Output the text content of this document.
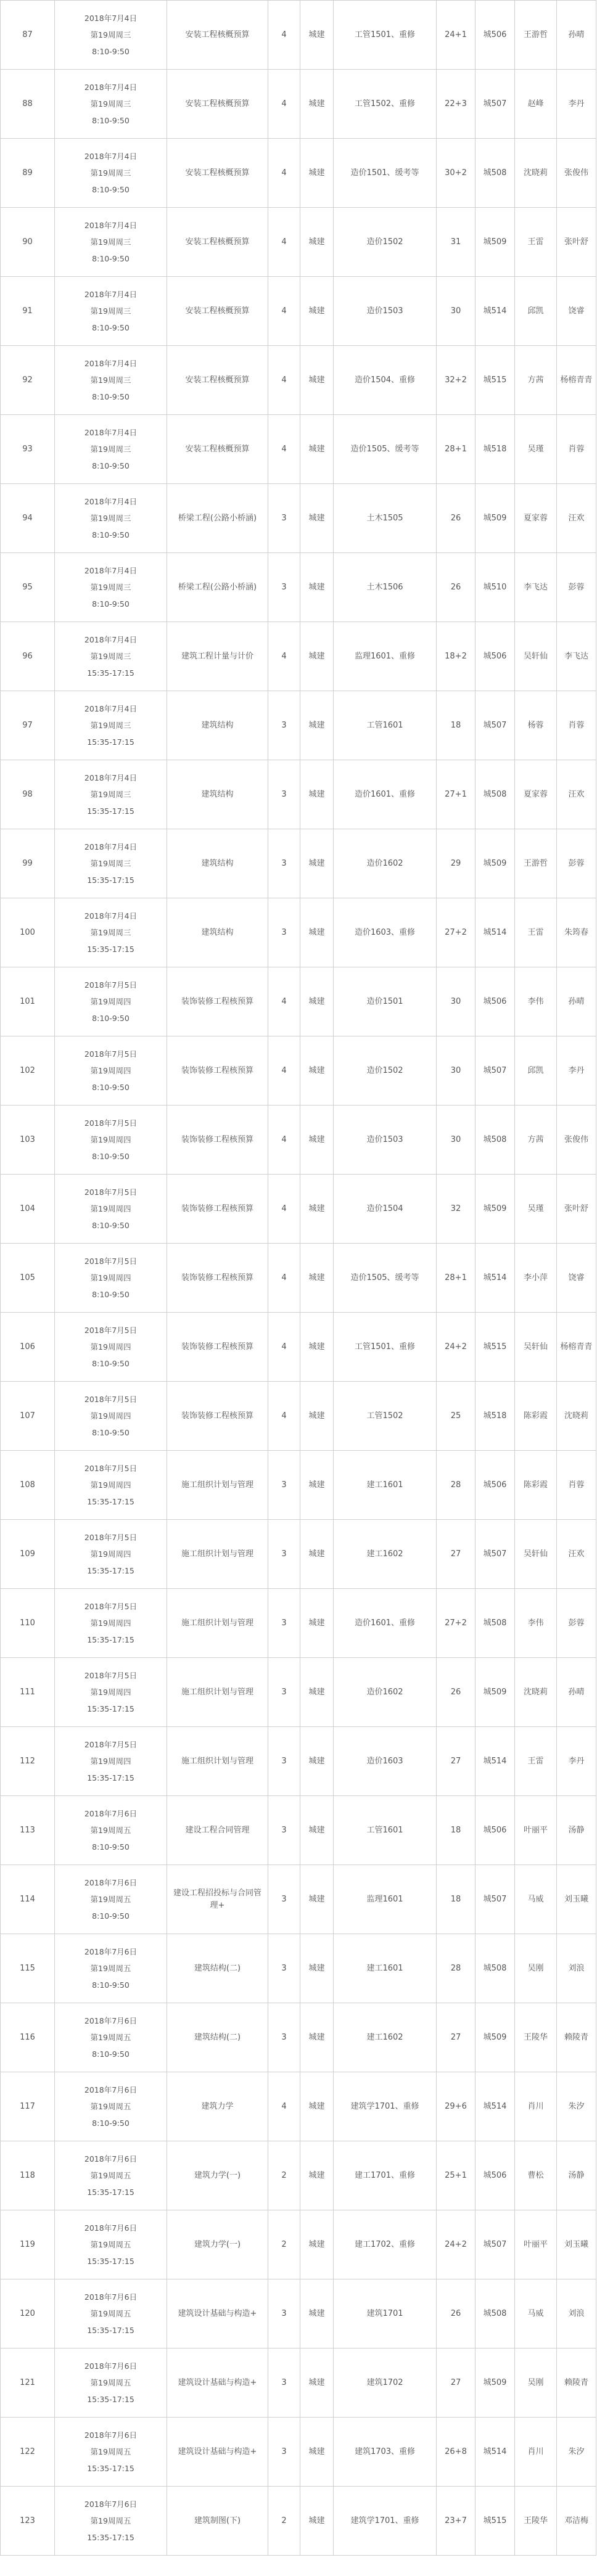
87	2018年7月4日
第19周周三
8:10-9:50	安装工程核概预算	4	城建	工管1501、重修	24+1	城506	王游哲	孙晴
88	2018年7月4日
第19周周三
8:10-9:50	安装工程核概预算	4	城建	工管1502、重修	22+3	城507	赵峰	李丹
89	2018年7月4日
第19周周三
8:10-9:50	安装工程核概预算	4	城建	造价1501、缓考等	30+2	城508	沈晓莉	张俊伟
90	2018年7月4日
第19周周三
8:10-9:50	安装工程核概预算	4	城建	造价1502	31	城509	王雷	张叶舒
91	2018年7月4日
第19周周三
8:10-9:50	安装工程核概预算	4	城建	造价1503	30	城514	邱凯	饶睿
92	2018年7月4日
第19周周三
8:10-9:50	安装工程核概预算	4	城建	造价1504、重修	32+2	城515	方茜	杨榕青青
93	2018年7月4日
第19周周三
8:10-9:50	安装工程核概预算	4	城建	造价1505、缓考等	28+1	城518	吴瑾	肖蓉
94	2018年7月4日
第19周周三
8:10-9:50	桥梁工程(公路小桥涵)	3	城建	土木1505	26	城509	夏家蓉	汪欢
95	2018年7月4日
第19周周三
8:10-9:50	桥梁工程(公路小桥涵)	3	城建	土木1506	26	城510	李飞达	彭蓉
96	2018年7月4日
第19周周三
15:35-17:15	建筑工程计量与计价	4	城建	监理1601、重修	18+2	城506	吴轩仙	李飞达
97	2018年7月4日
第19周周三
15:35-17:15	建筑结构	3	城建	工管1601	18	城507	杨蓉	肖蓉
98	2018年7月4日
第19周周三
15:35-17:15	建筑结构	3	城建	造价1601、重修	27+1	城508	夏家蓉	汪欢
99	2018年7月4日
第19周周三
15:35-17:15	建筑结构	3	城建	造价1602	29	城509	王游哲	彭蓉
100	2018年7月4日
第19周周三
15:35-17:15	建筑结构	3	城建	造价1603、重修	27+2	城514	王雷	朱筠春
101	2018年7月5日
第19周周四
8:10-9:50	装饰装修工程核预算	4	城建	造价1501	30	城506	李伟	孙晴
102	2018年7月5日
第19周周四
8:10-9:50	装饰装修工程核预算	4	城建	造价1502	30	城507	邱凯	李丹
103	2018年7月5日
第19周周四
8:10-9:50	装饰装修工程核预算	4	城建	造价1503	30	城508	方茜	张俊伟
104	2018年7月5日
第19周周四
8:10-9:50	装饰装修工程核预算	4	城建	造价1504	32	城509	吴瑾	张叶舒
105	2018年7月5日
第19周周四
8:10-9:50	装饰装修工程核预算	4	城建	造价1505、缓考等	28+1	城514	李小萍	饶睿
106	2018年7月5日
第19周周四
8:10-9:50	装饰装修工程核预算	4	城建	工管1501、重修	24+2	城515	吴轩仙	杨榕青青
107	2018年7月5日
第19周周四
8:10-9:50	装饰装修工程核预算	4	城建	工管1502	25	城518	陈彩霞	沈晓莉
108	2018年7月5日
第19周周四
15:35-17:15	施工组织计划与管理	3	城建	建工1601	28	城506	陈彩霞	肖蓉
109	2018年7月5日
第19周周四
15:35-17:15	施工组织计划与管理	3	城建	建工1602	27	城507	吴轩仙	汪欢
110	2018年7月5日
第19周周四
15:35-17:15	施工组织计划与管理	3	城建	造价1601、重修	27+2	城508	李伟	彭蓉
111	2018年7月5日
第19周周四
15:35-17:15	施工组织计划与管理	3	城建	造价1602	26	城509	沈晓莉	孙晴
112	2018年7月5日
第19周周四
15:35-17:15	施工组织计划与管理	3	城建	造价1603	27	城514	王雷	李丹
113	2018年7月6日
第19周周五
8:10-9:50	建设工程合同管理	3	城建	工管1601	18	城506	叶丽平	汤静
114	2018年7月6日
第19周周五
8:10-9:50	建设工程招投标与合同管理+	3	城建	监理1601	18	城507	马威	刘玉曦
115	2018年7月6日
第19周周五
8:10-9:50	建筑结构(二)	3	城建	建工1601	28	城508	吴刚	刘浪
116	2018年7月6日
第19周周五
8:10-9:50	建筑结构(二)	3	城建	建工1602	27	城509	王陵华	赖陵青
117	2018年7月6日
第19周周五
8:10-9:50	建筑力学	4	城建	建筑学1701、重修	29+6	城514	肖川	朱汐
118	2018年7月6日
第19周周五
15:35-17:15	建筑力学(一)	2	城建	建工1701、重修	25+1	城506	曹松	汤静
119	2018年7月6日
第19周周五
15:35-17:15	建筑力学(一)	2	城建	建工1702、重修	24+2	城507	叶丽平	刘玉曦
120	2018年7月6日
第19周周五
15:35-17:15	建筑设计基础与构造+	3	城建	建筑1701	26	城508	马威	刘浪
121	2018年7月6日
第19周周五
15:35-17:15	建筑设计基础与构造+	3	城建	建筑1702	27	城509	吴刚	赖陵青
122	2018年7月6日
第19周周五
15:35-17:15	建筑设计基础与构造+	3	城建	建筑1703、重修	26+8	城514	肖川	朱汐
123	2018年7月6日
第19周周五
15:35-17:15	建筑制图(下)	2	城建	建筑学1701、重修	23+7	城515	王陵华	邓洁梅
